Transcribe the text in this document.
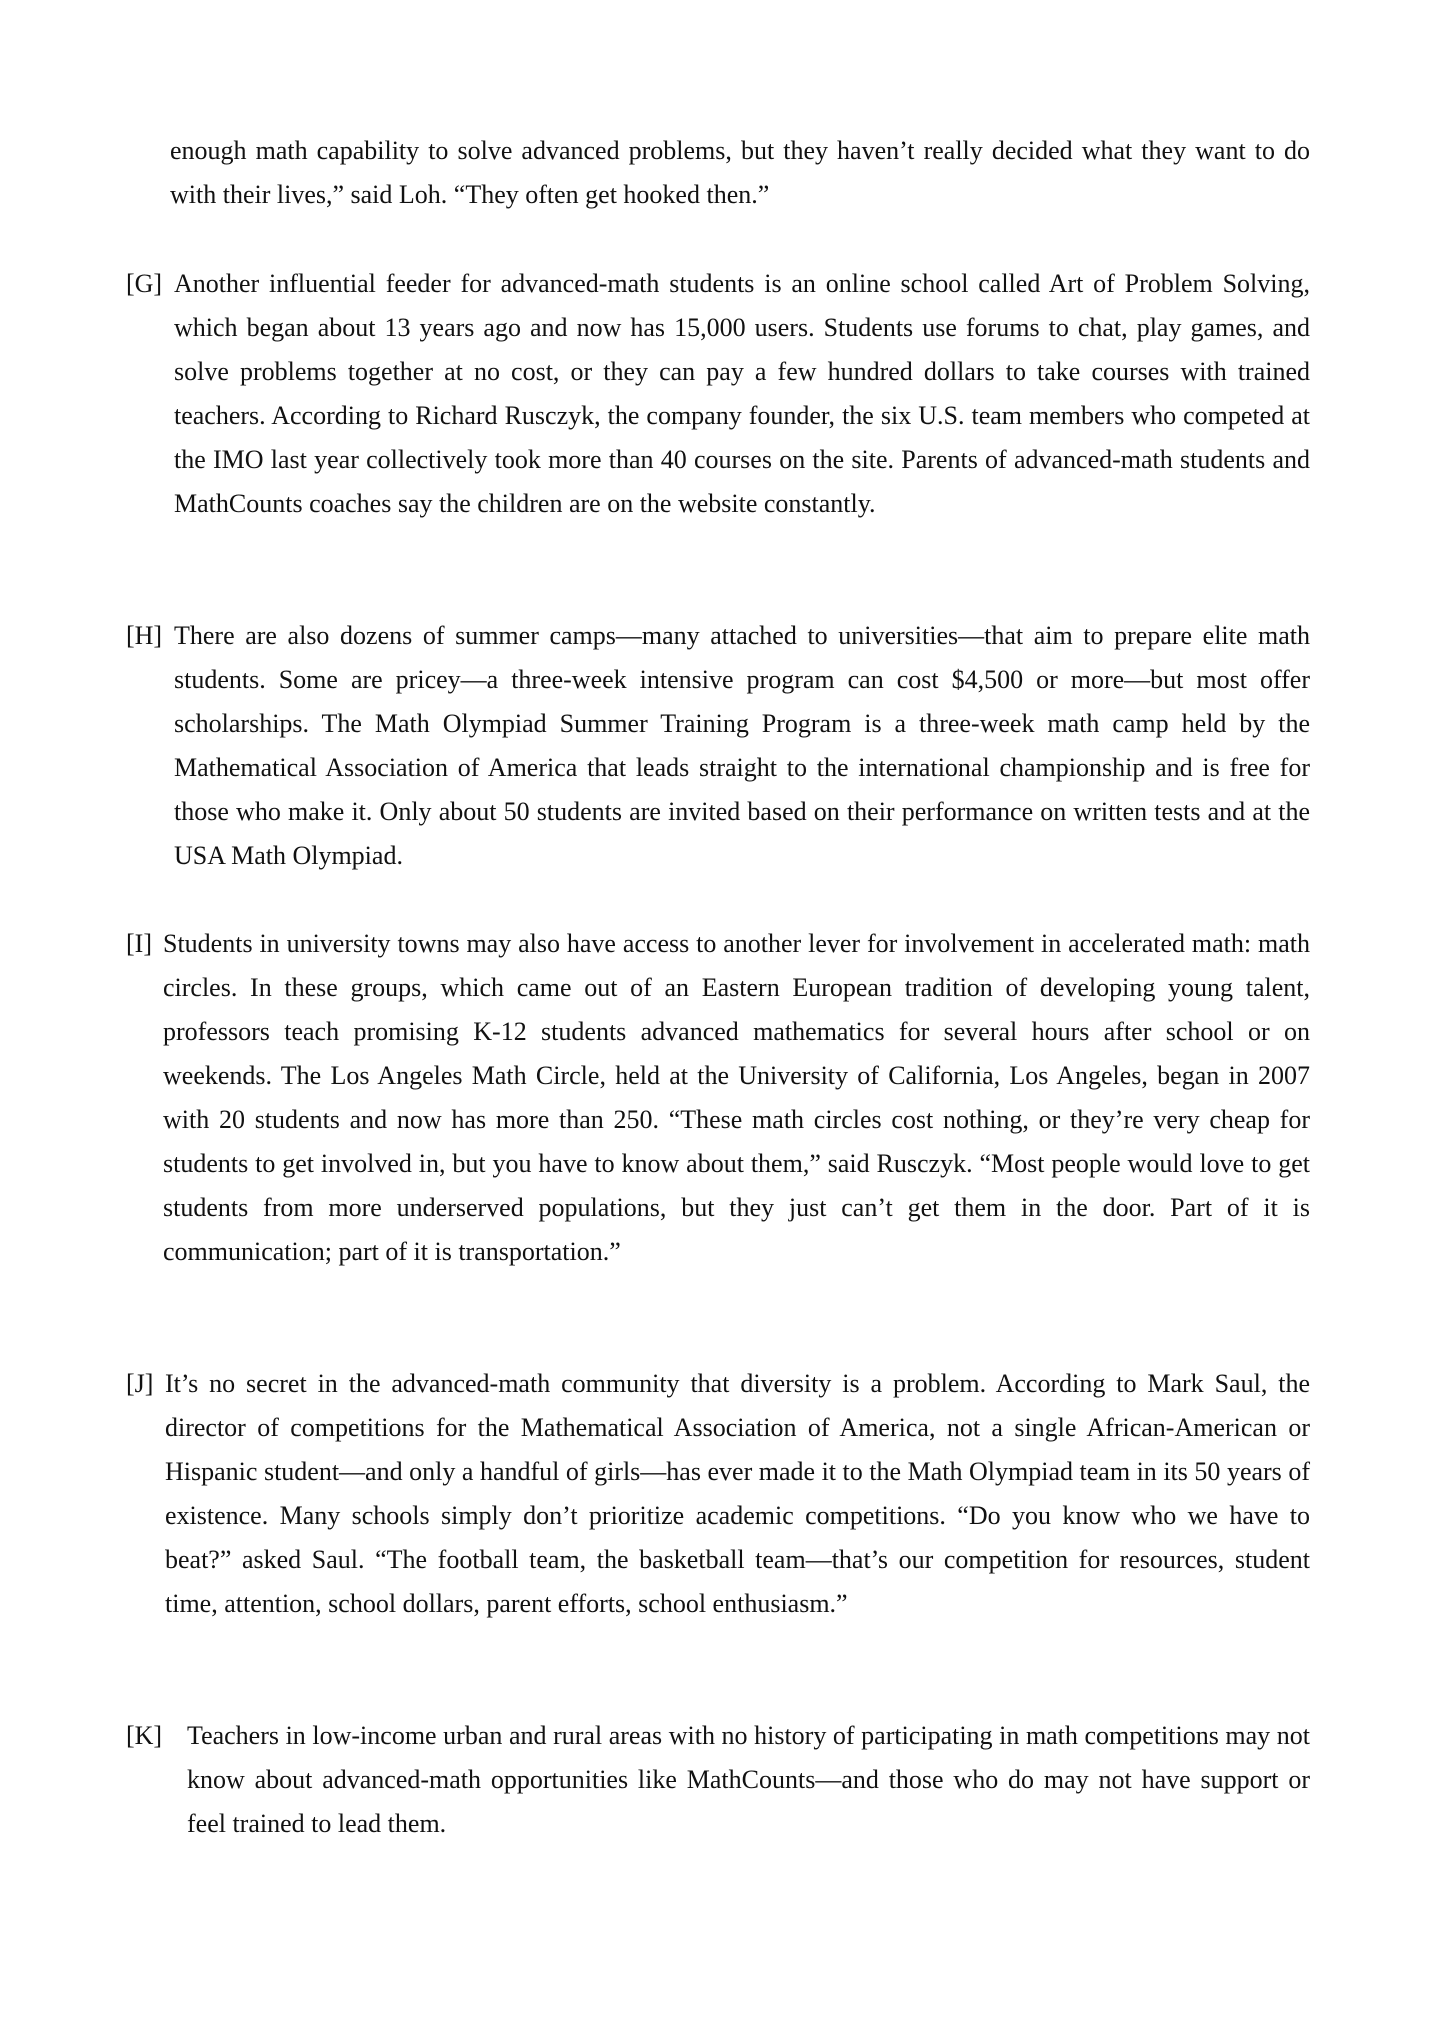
enough math capability to solve advanced problems, but they haven’t really decided what they want to do with their lives,” said Loh. “They often get hooked then.”

[G] Another influential feeder for advanced-math students is an online school called Art of Problem Solving, which began about 13 years ago and now has 15,000 users. Students use forums to chat, play games, and solve problems together at no cost, or they can pay a few hundred dollars to take courses with trained teachers. According to Richard Rusczyk, the company founder, the six U.S. team members who competed at the IMO last year collectively took more than 40 courses on the site. Parents of advanced-math students and MathCounts coaches say the children are on the website constantly.
[H] There are also dozens of summer camps—many attached to universities—that aim to prepare elite math students. Some are pricey—a three-week intensive program can cost $4,500 or more—but most offer scholarships. The Math Olympiad Summer Training Program is a three-week math camp held by the Mathematical Association of America that leads straight to the international championship and is free for those who make it. Only about 50 students are invited based on their performance on written tests and at the USA Math Olympiad.
[I] Students in university towns may also have access to another lever for involvement in accelerated math: math circles. In these groups, which came out of an Eastern European tradition of developing young talent, professors teach promising K-12 students advanced mathematics for several hours after school or on weekends. The Los Angeles Math Circle, held at the University of California, Los Angeles, began in 2007 with 20 students and now has more than 250. “These math circles cost nothing, or they’re very cheap for students to get involved in, but you have to know about them,” said Rusczyk. “Most people would love to get students from more underserved populations, but they just can’t get them in the door. Part of it is communication; part of it is transportation.”
[J] It’s no secret in the advanced-math community that diversity is a problem. According to Mark Saul, the director of competitions for the Mathematical Association of America, not a single African-American or Hispanic student—and only a handful of girls—has ever made it to the Math Olympiad team in its 50 years of existence. Many schools simply don’t prioritize academic competitions. “Do you know who we have to beat?” asked Saul. “The football team, the basketball team—that’s our competition for resources, student time, attention, school dollars, parent efforts, school enthusiasm.”
[K] Teachers in low-income urban and rural areas with no history of participating in math competitions may not know about advanced-math opportunities like MathCounts—and those who do may not have support or feel trained to lead them.
